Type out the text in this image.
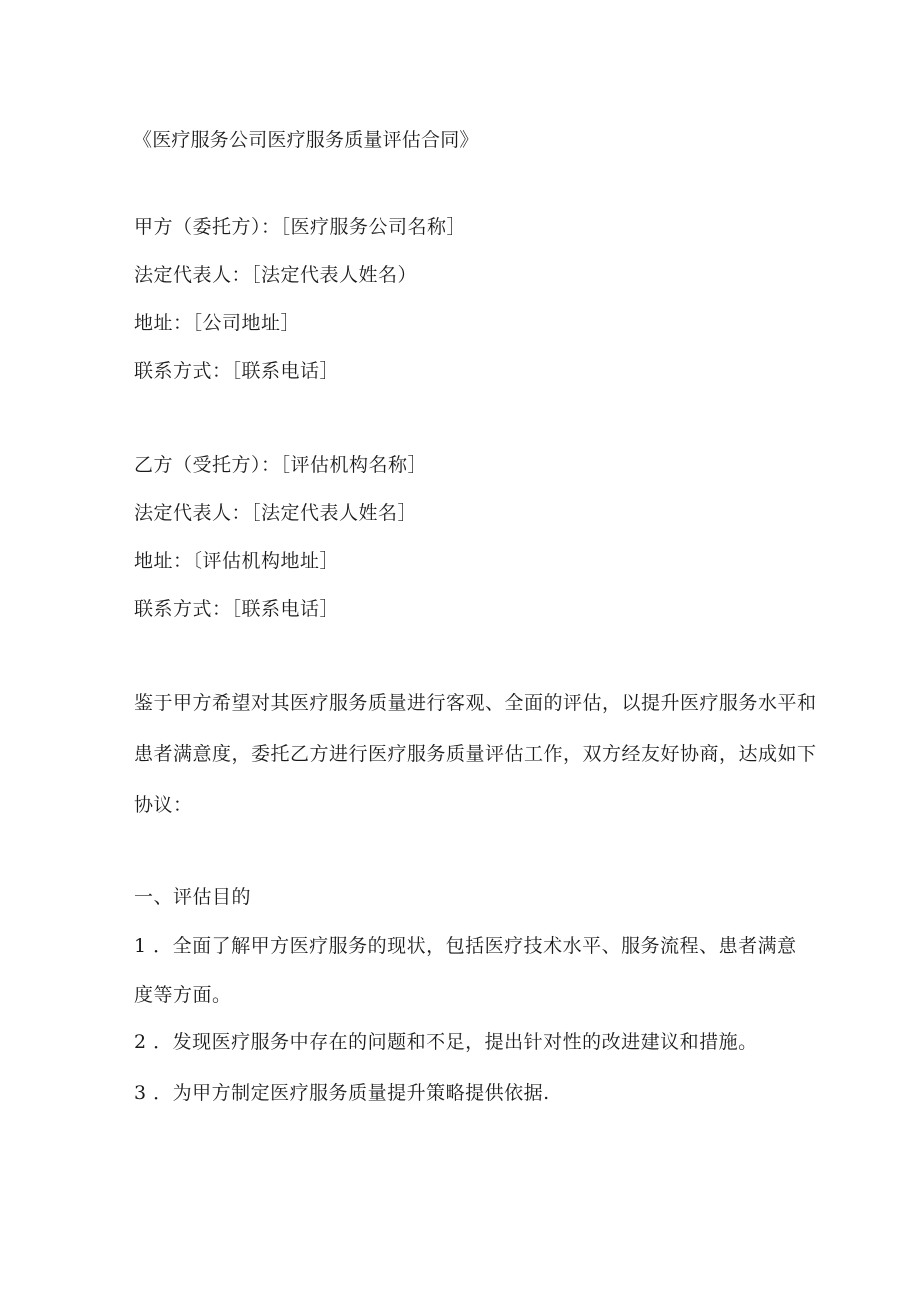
《医疗服务公司医疗服务质量评估合同》
甲方（委托方）：［医疗服务公司名称］
法定代表人：［法定代表人姓名）
地址：［公司地址］
联系方式：［联系电话］
乙方（受托方）：［评估机构名称］
法定代表人：［法定代表人姓名］
地址：〔评估机构地址］
联系方式：［联系电话］
鉴于甲方希望对其医疗服务质量进行客观、全面的评估，以提升医疗服务水平和
患者满意度，委托乙方进行医疗服务质量评估工作，双方经友好协商，达成如下
协议：
一、评估目的
1 ．全面了解甲方医疗服务的现状，包括医疗技术水平、服务流程、患者满意
度等方面。
2 ．发现医疗服务中存在的问题和不足，提出针对性的改进建议和措施。
3 ．为甲方制定医疗服务质量提升策略提供依据.
